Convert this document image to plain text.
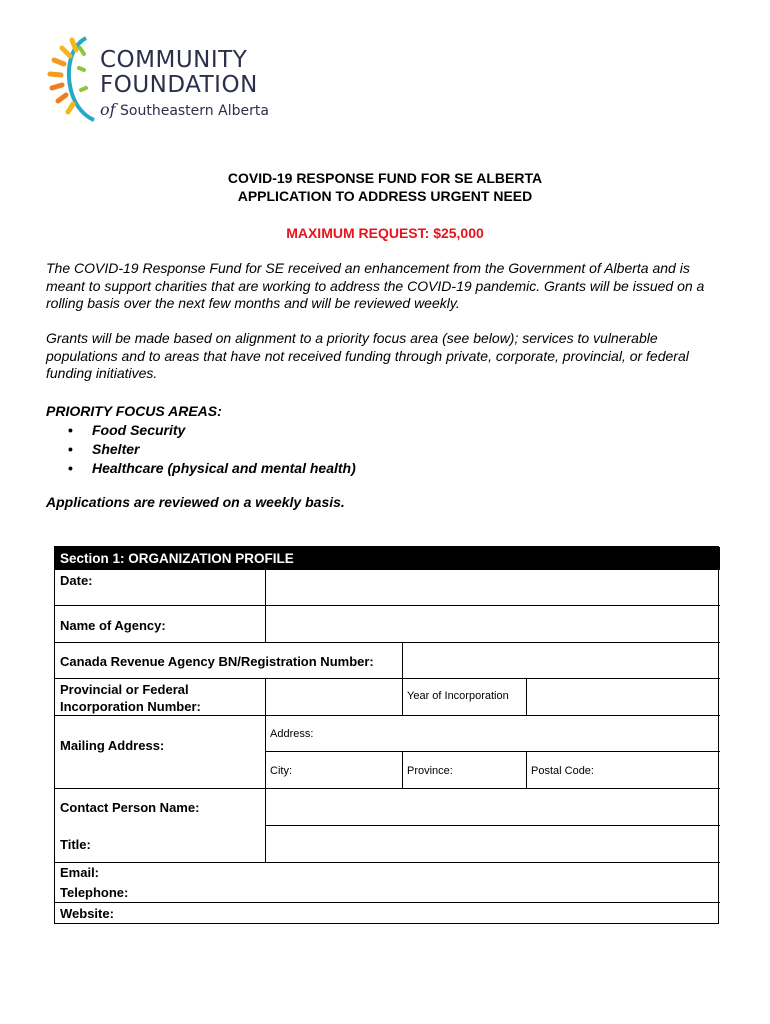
COMMUNITY
FOUNDATION
of Southeastern Alberta
COVID-19 RESPONSE FUND FOR SE ALBERTA
APPLICATION TO ADDRESS URGENT NEED
MAXIMUM REQUEST: $25,000
The COVID-19 Response Fund for SE received an enhancement from the Government of Alberta and is meant to support charities that are working to address the COVID-19 pandemic. Grants will be issued on a rolling basis over the next few months and will be reviewed weekly.
Grants will be made based on alignment to a priority focus area (see below); services to vulnerable populations and to areas that have not received funding through private, corporate, provincial, or federal funding initiatives.
PRIORITY FOCUS AREAS:
• Food Security
• Shelter
• Healthcare (physical and mental health)
Applications are reviewed on a weekly basis.
Section 1: ORGANIZATION PROFILE
Date:
Name of Agency:
Canada Revenue Agency BN/Registration Number:
Provincial or Federal
Incorporation Number:
Year of Incorporation
Mailing Address:
Address:
City:	Province:	Postal Code:
Contact Person Name:
Title:
Email:
Telephone:
Website:
